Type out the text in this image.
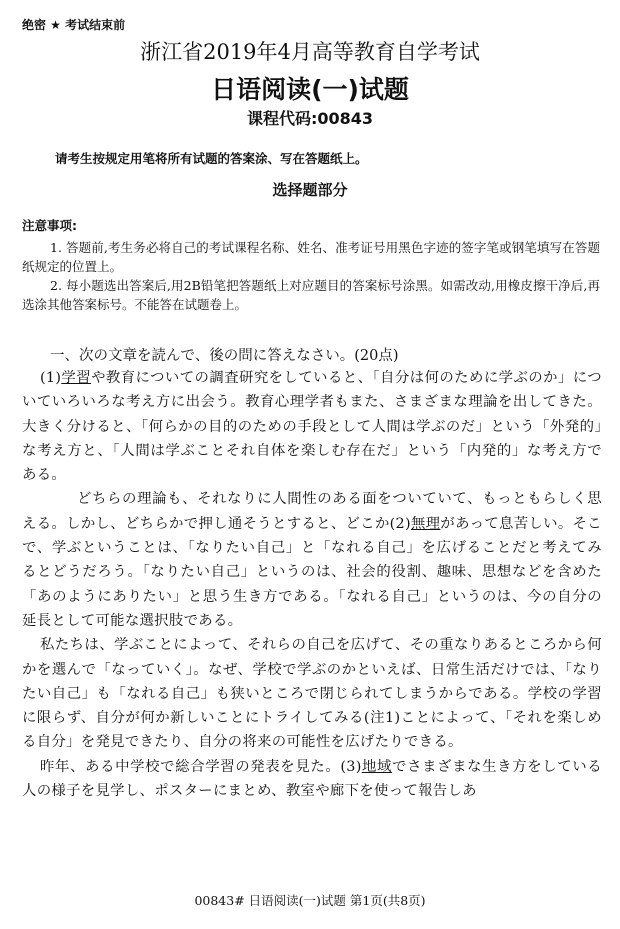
绝密 ★ 考试结束前
浙江省2019年4月高等教育自学考试
日语阅读(一)试题
课程代码:00843
请考生按规定用笔将所有试题的答案涂、写在答题纸上。
选择题部分
注意事项:

1. 答题前,考生务必将自己的考试课程名称、姓名、准考证号用黑色字迹的签字笔或钢笔填写在答题纸规定的位置上。

2. 每小题选出答案后,用2B铅笔把答题纸上对应题目的答案标号涂黑。如需改动,用橡皮擦干净后,再选涂其他答案标号。不能答在试题卷上。

一、次の文章を読んで、後の問に答えなさい。(20点)

(1)学習や教育についての調査研究をしていると、「自分は何のために学ぶのか」についていろいろな考え方に出会う。教育心理学者もまた、さまざまな理論を出してきた。大きく分けると、「何らかの目的のための手段として人間は学ぶのだ」という「外発的」な考え方と、「人間は学ぶことそれ自体を楽しむ存在だ」という「内発的」な考え方である。

どちらの理論も、それなりに人間性のある面をついていて、もっともらしく思える。しかし、どちらかで押し通そうとすると、どこか(2)無理があって息苦しい。そこで、学ぶということは、「なりたい自己」と「なれる自己」を広げることだと考えてみるとどうだろう。「なりたい自己」というのは、社会的役割、趣味、思想などを含めた「あのようにありたい」と思う生き方である。「なれる自己」というのは、今の自分の延長として可能な選択肢である。

私たちは、学ぶことによって、それらの自己を広げて、その重なりあるところから何かを選んで「なっていく」。なぜ、学校で学ぶのかといえば、日常生活だけでは、「なりたい自己」も「なれる自己」も狭いところで閉じられてしまうからである。学校の学習に限らず、自分が何か新しいことにトライしてみる(注1)ことによって、「それを楽しめる自分」を発見できたり、自分の将来の可能性を広げたりできる。

昨年、ある中学校で総合学習の発表を見た。(3)地域でさまざまな生き方をしている人の様子を見学し、ポスターにまとめ、教室や廊下を使って報告しあ

00843# 日语阅读(一)试题 第1页(共8页)
